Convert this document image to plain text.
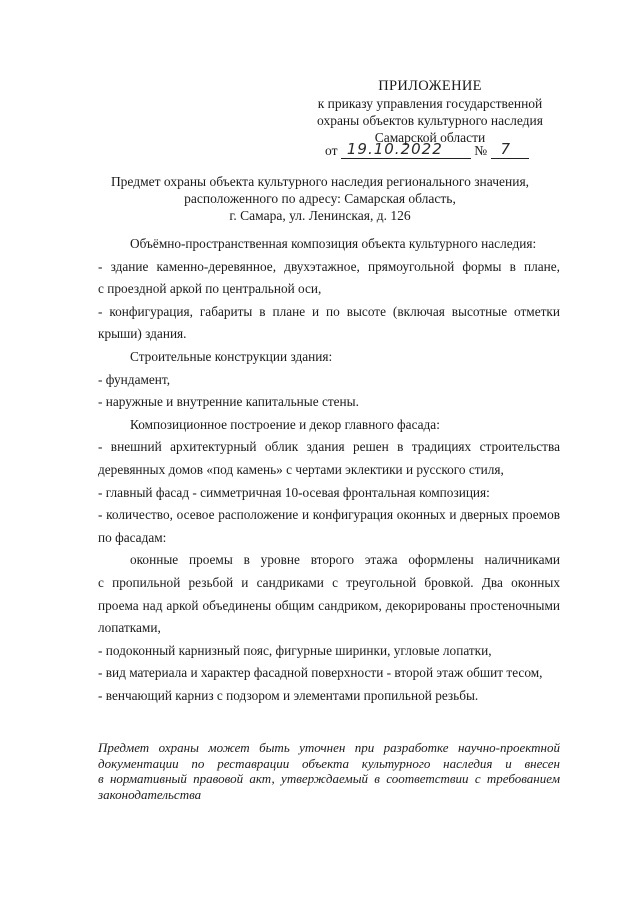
ПРИЛОЖЕНИЕ
к приказу управления государственной
охраны объектов культурного наследия
Самарской области
от 19.10.2022 № 7
Предмет охраны объекта культурного наследия регионального значения,
расположенного по адресу: Самарская область,
г. Самара, ул. Ленинская, д. 126

Объёмно-пространственная композиция объекта культурного наследия:

- здание каменно-деревянное, двухэтажное, прямоугольной формы в плане,

с проездной аркой по центральной оси,

- конфигурация, габариты в плане и по высоте (включая высотные отметки

крыши) здания.

Строительные конструкции здания:

- фундамент,

- наружные и внутренние капитальные стены.

Композиционное построение и декор главного фасада:

- внешний архитектурный облик здания решен в традициях строительства

деревянных домов «под камень» с чертами эклектики и русского стиля,

- главный фасад - симметричная 10-осевая фронтальная композиция:

- количество, осевое расположение и конфигурация оконных и дверных проемов

по фасадам:

оконные проемы в уровне второго этажа оформлены наличниками

с пропильной резьбой и сандриками с треугольной бровкой. Два оконных

проема над аркой объединены общим сандриком, декорированы простеночными

лопатками,

- подоконный карнизный пояс, фигурные ширинки, угловые лопатки,

- вид материала и характер фасадной поверхности - второй этаж обшит тесом,

- венчающий карниз с подзором и элементами пропильной резьбы.

Предмет охраны может быть уточнен при разработке научно-проектной
документации по реставрации объекта культурного наследия и внесен
в нормативный правовой акт, утверждаемый в соответствии с требованием
законодательства
